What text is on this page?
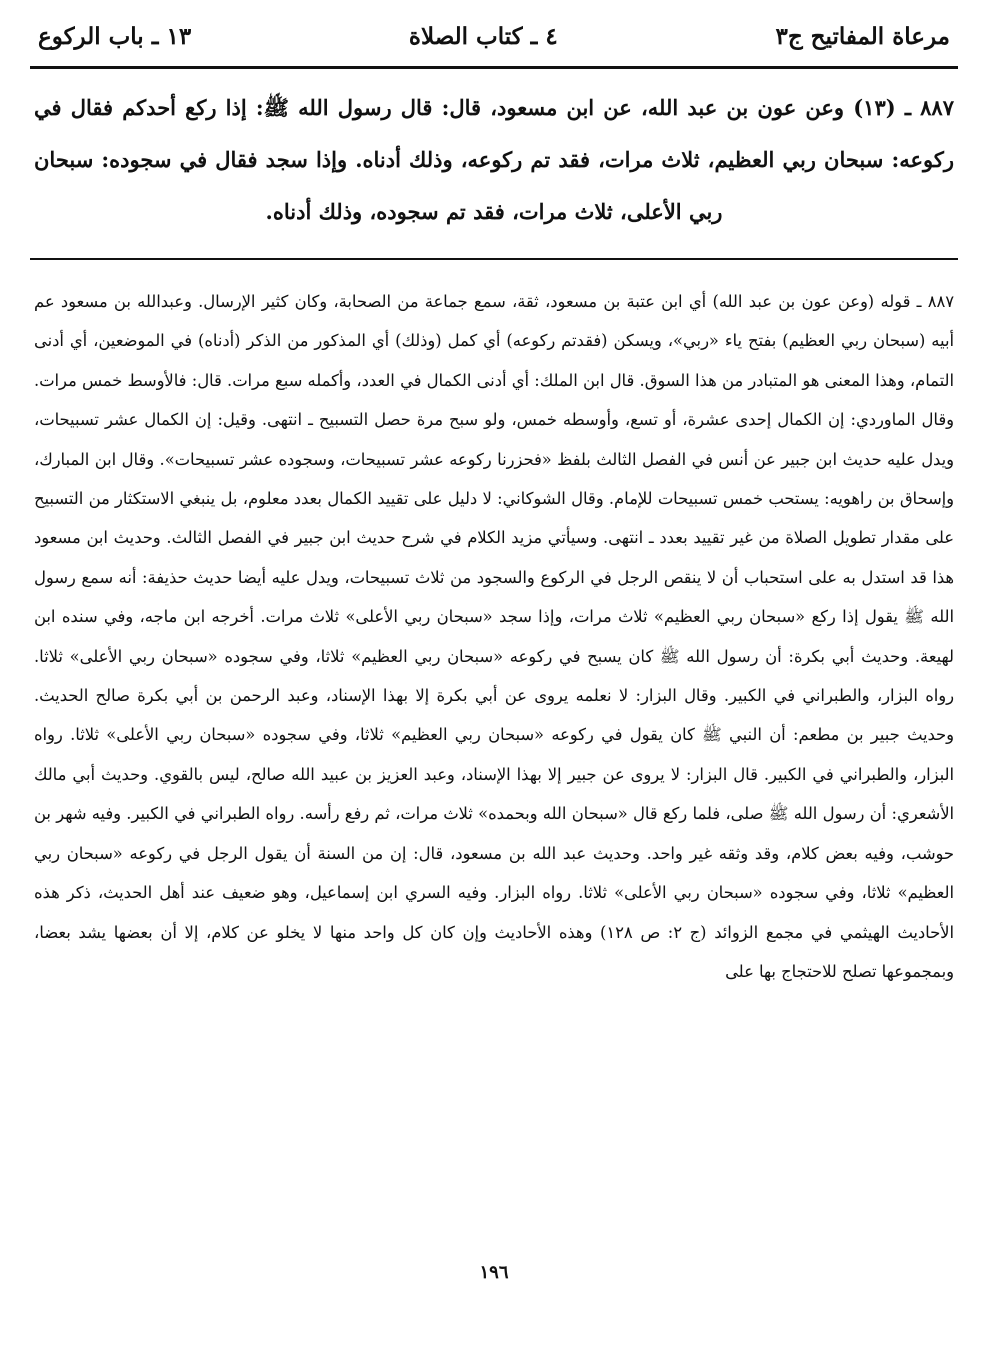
مرعاة المفاتيح ج٣
٤ ـ كتاب الصلاة
١٣ ـ باب الركوع

٨٨٧ ـ (١٣) وعن عون بن عبد الله، عن ابن مسعود، قال: قال رسول الله ﷺ: إذا ركع أحدكم فقال في ركوعه: سبحان ربي العظيم، ثلاث مرات، فقد تم ركوعه، وذلك أدناه. وإذا سجد فقال في سجوده: سبحان ربي الأعلى، ثلاث مرات، فقد تم سجوده، وذلك أدناه.

٨٨٧ ـ قوله (وعن عون بن عبد الله) أي ابن عتبة بن مسعود، ثقة، سمع جماعة من الصحابة، وكان كثير الإرسال. وعبدالله بن مسعود عم أبيه (سبحان ربي العظيم) بفتح ياء «ربي»، ويسكن (فقدتم ركوعه) أي كمل (وذلك) أي المذكور من الذكر (أدناه) في الموضعين، أي أدنى التمام، وهذا المعنى هو المتبادر من هذا السوق. قال ابن الملك: أي أدنى الكمال في العدد، وأكمله سبع مرات. قال: فالأوسط خمس مرات. وقال الماوردي: إن الكمال إحدى عشرة، أو تسع، وأوسطه خمس، ولو سبح مرة حصل التسبيح ـ انتهى. وقيل: إن الكمال عشر تسبيحات، ويدل عليه حديث ابن جبير عن أنس في الفصل الثالث بلفظ «فحزرنا ركوعه عشر تسبيحات، وسجوده عشر تسبيحات». وقال ابن المبارك، وإسحاق بن راهويه: يستحب خمس تسبيحات للإمام. وقال الشوكاني: لا دليل على تقييد الكمال بعدد معلوم، بل ينبغي الاستكثار من التسبيح على مقدار تطويل الصلاة من غير تقييد بعدد ـ انتهى. وسيأتي مزيد الكلام في شرح حديث ابن جبير في الفصل الثالث. وحديث ابن مسعود هذا قد استدل به على استحباب أن لا ينقص الرجل في الركوع والسجود من ثلاث تسبيحات، ويدل عليه أيضا حديث حذيفة: أنه سمع رسول الله ﷺ يقول إذا ركع «سبحان ربي العظيم» ثلاث مرات، وإذا سجد «سبحان ربي الأعلى» ثلاث مرات. أخرجه ابن ماجه، وفي سنده ابن لهيعة. وحديث أبي بكرة: أن رسول الله ﷺ كان يسبح في ركوعه «سبحان ربي العظيم» ثلاثا، وفي سجوده «سبحان ربي الأعلى» ثلاثا. رواه البزار، والطبراني في الكبير. وقال البزار: لا نعلمه يروى عن أبي بكرة إلا بهذا الإسناد، وعبد الرحمن بن أبي بكرة صالح الحديث. وحديث جبير بن مطعم: أن النبي ﷺ كان يقول في ركوعه «سبحان ربي العظيم» ثلاثا، وفي سجوده «سبحان ربي الأعلى» ثلاثا. رواه البزار، والطبراني في الكبير. قال البزار: لا يروى عن جبير إلا بهذا الإسناد، وعبد العزيز بن عبيد الله صالح، ليس بالقوي. وحديث أبي مالك الأشعري: أن رسول الله ﷺ صلى، فلما ركع قال «سبحان الله وبحمده» ثلاث مرات، ثم رفع رأسه. رواه الطبراني في الكبير. وفيه شهر بن حوشب، وفيه بعض كلام، وقد وثقه غير واحد. وحديث عبد الله بن مسعود، قال: إن من السنة أن يقول الرجل في ركوعه «سبحان ربي العظيم» ثلاثا، وفي سجوده «سبحان ربي الأعلى» ثلاثا. رواه البزار. وفيه السري ابن إسماعيل، وهو ضعيف عند أهل الحديث، ذكر هذه الأحاديث الهيثمي في مجمع الزوائد (ج ٢: ص ١٢٨) وهذه الأحاديث وإن كان كل واحد منها لا يخلو عن كلام، إلا أن بعضها يشد بعضا، وبمجموعها تصلح للاحتجاج بها على

١٩٦
